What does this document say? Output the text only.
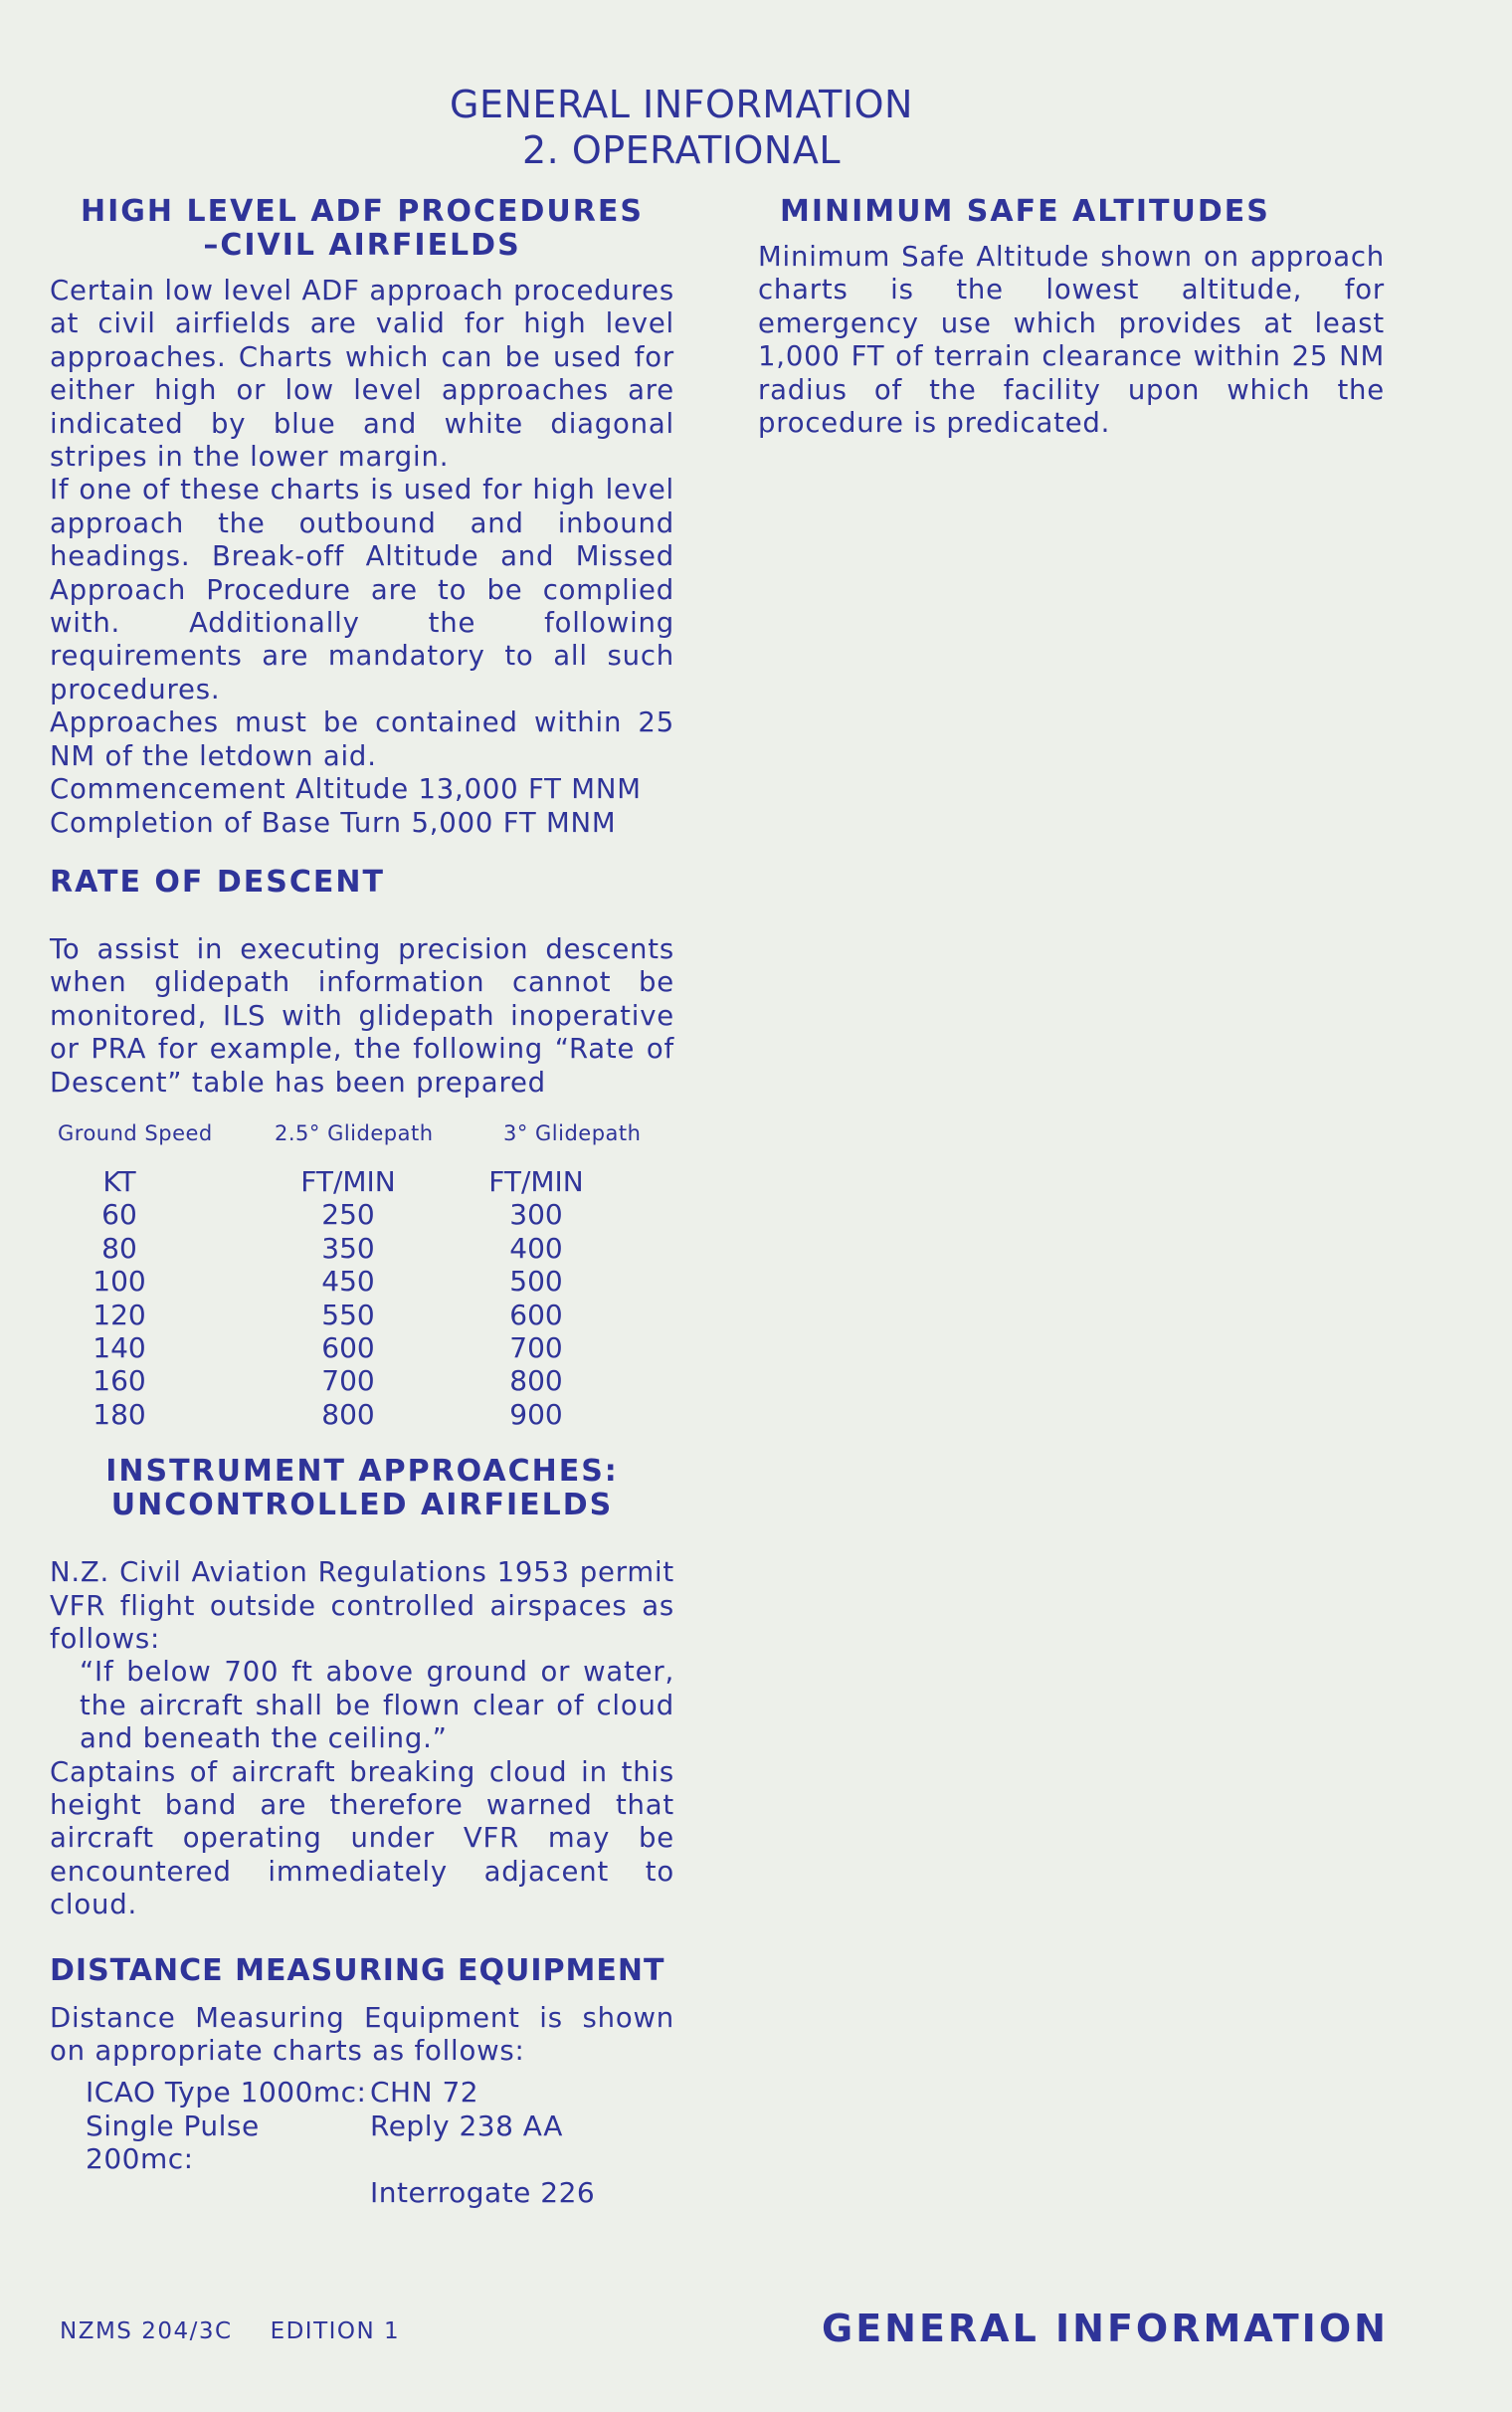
GENERAL INFORMATION
2. OPERATIONAL
HIGH LEVEL ADF PROCEDURES
–CIVIL AIRFIELDS

Certain low level ADF approach procedures at civil airfields are valid for high level approaches. Charts which can be used for either high or low level approaches are indicated by blue and white diagonal stripes in the lower margin.

If one of these charts is used for high level approach the outbound and inbound headings. Break-off Altitude and Missed Approach Procedure are to be complied with. Additionally the following requirements are mandatory to all such procedures.

Approaches must be contained within 25 NM of the letdown aid.

Commencement Altitude 13,000 FT MNM

Completion of Base Turn 5,000 FT MNM

RATE OF DESCENT

To assist in executing precision descents when glidepath information cannot be monitored, ILS with glidepath inoperative or PRA for example, the following “Rate of Descent” table has been prepared

Ground Speed	2.5° Glidepath	3° Glidepath
KT	FT/MIN	FT/MIN
60	250	300
80	350	400
100	450	500
120	550	600
140	600	700
160	700	800
180	800	900
INSTRUMENT APPROACHES:
UNCONTROLLED AIRFIELDS

N.Z. Civil Aviation Regulations 1953 permit VFR flight outside controlled airspaces as follows:

“If below 700 ft above ground or water, the aircraft shall be flown clear of cloud and beneath the ceiling.”

Captains of aircraft breaking cloud in this height band are therefore warned that aircraft operating under VFR may be encountered immediately adjacent to cloud.

DISTANCE MEASURING EQUIPMENT

Distance Measuring Equipment is shown on appropriate charts as follows:

ICAO Type 1000mc: CHN 72
Single Pulse 200mc:
Reply 238 AA
Interrogate 226
MINIMUM SAFE ALTITUDES

Minimum Safe Altitude shown on approach charts is the lowest altitude, for emergency use which provides at least 1,000 FT of terrain clearance within 25 NM radius of the facility upon which the procedure is predicated.

NZMS 204/3C EDITION 1	GENERAL INFORMATION
